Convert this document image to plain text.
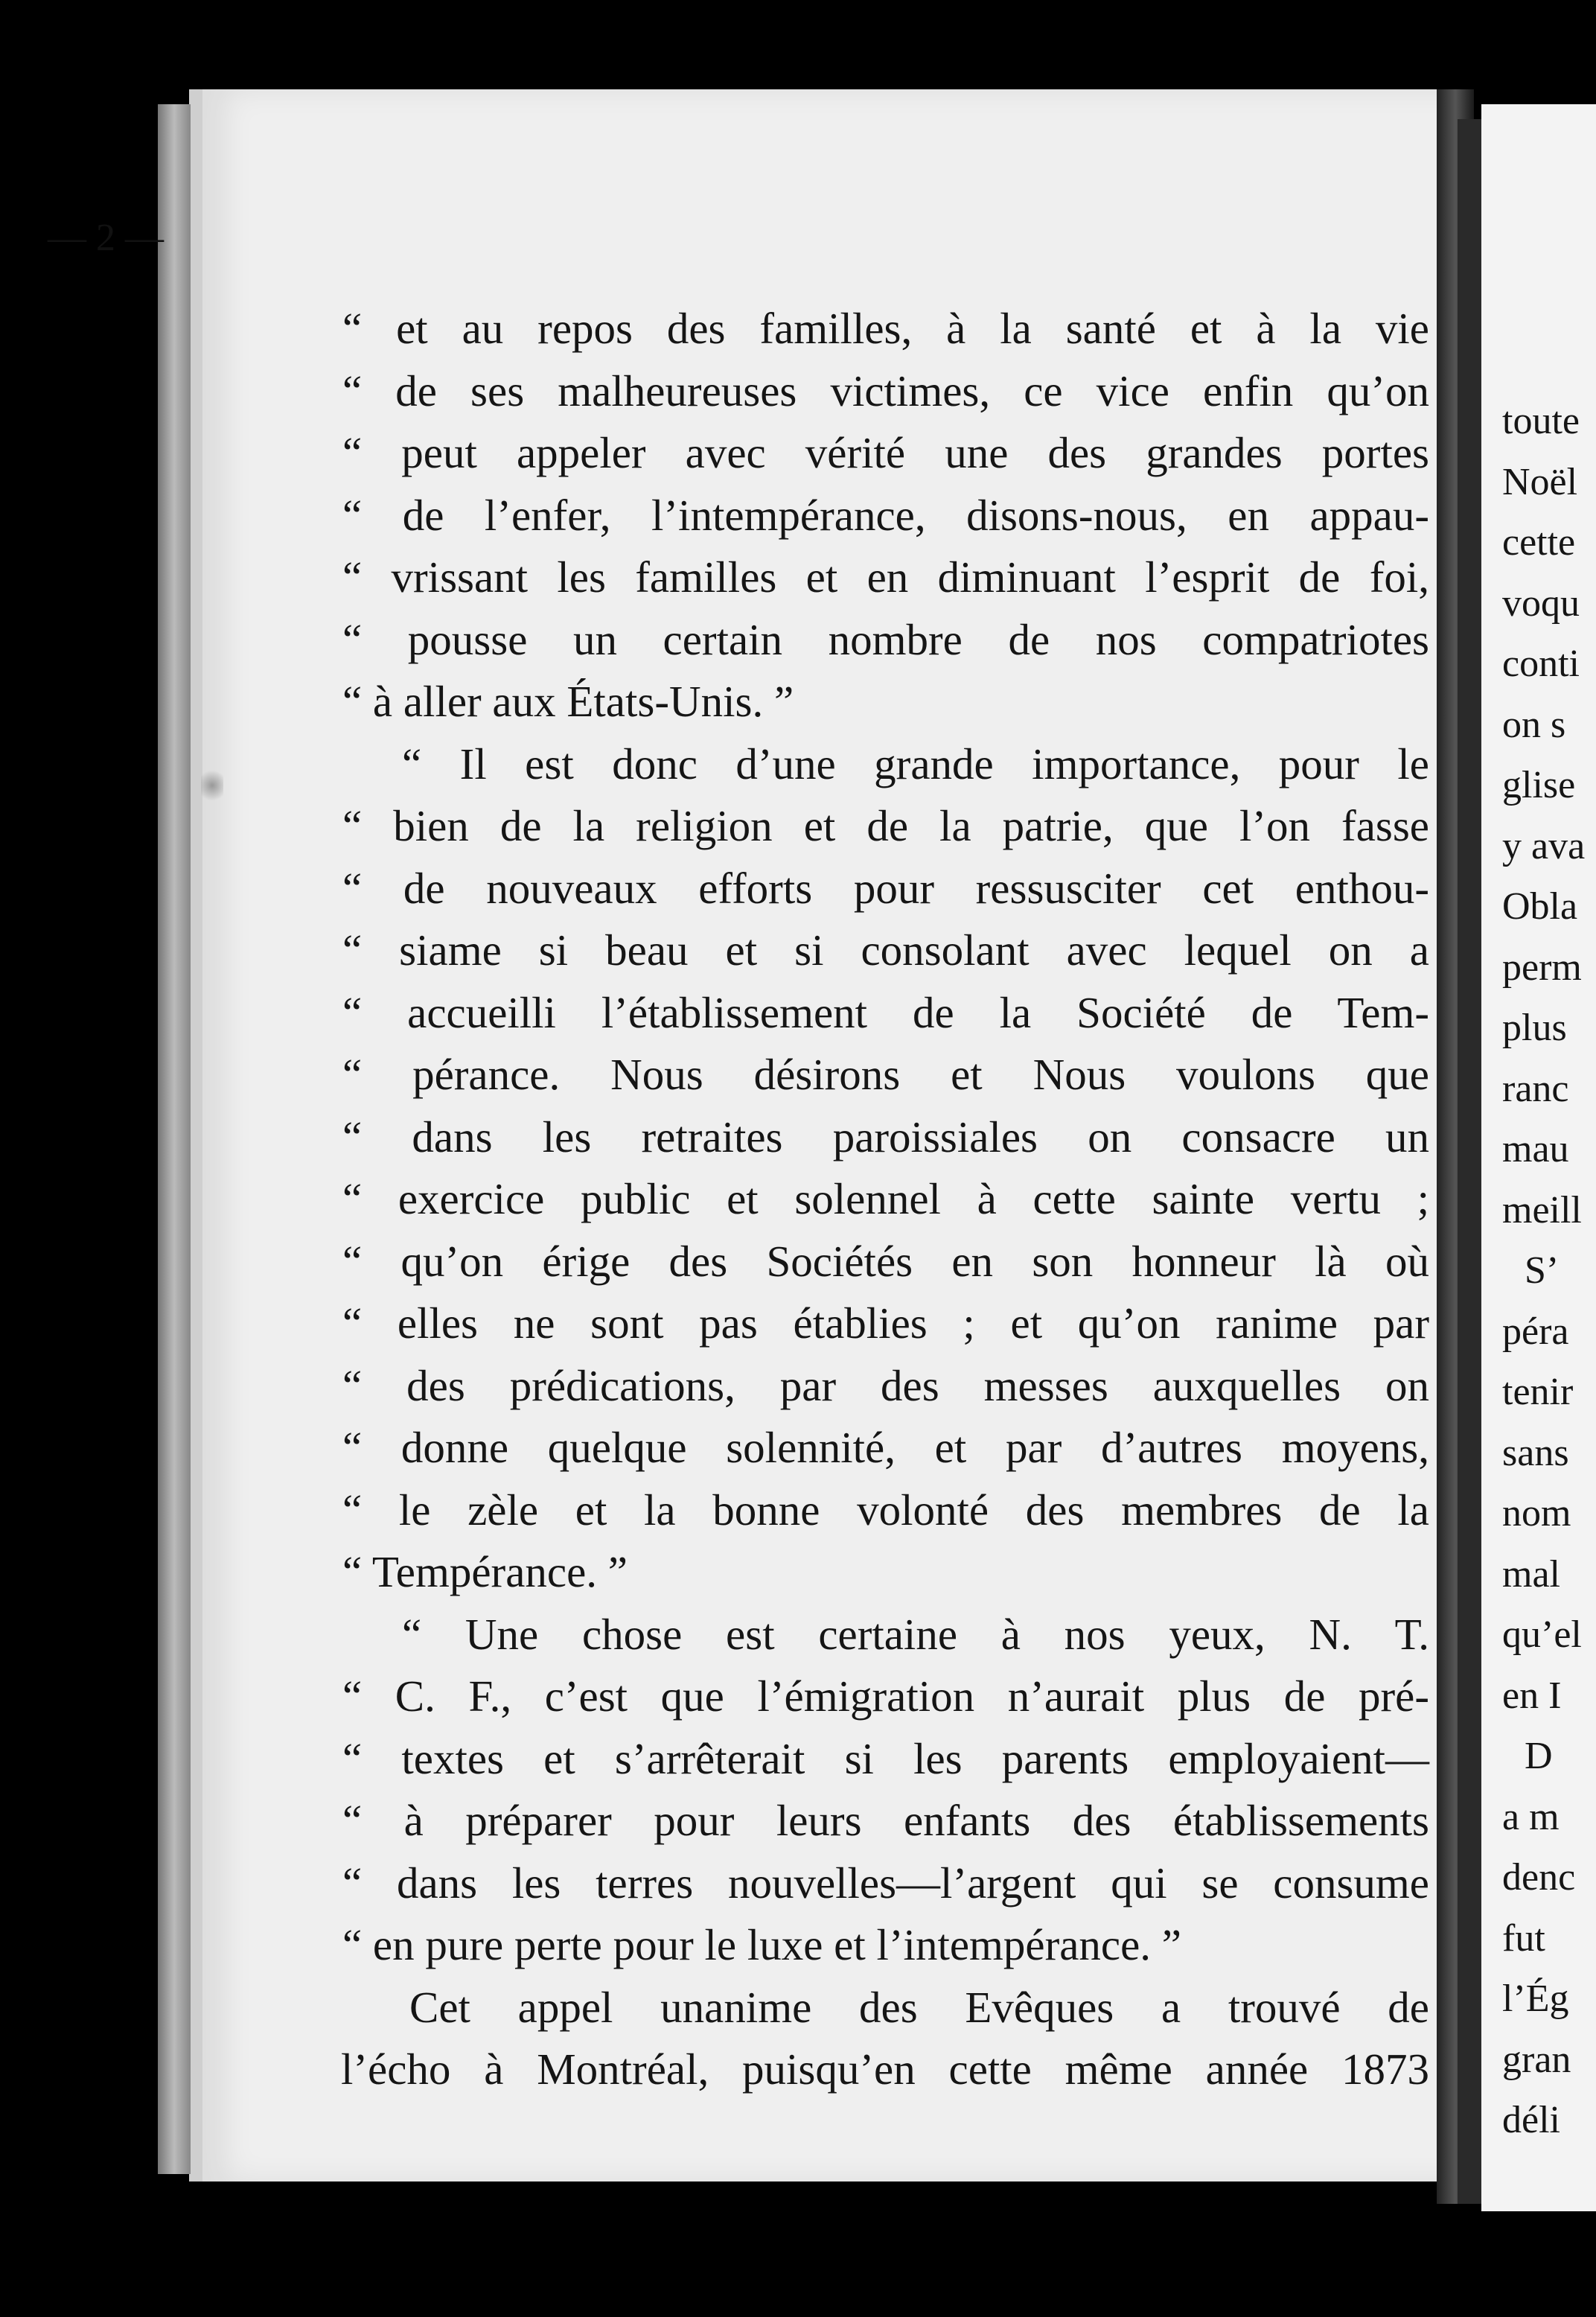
toute
Noël
cette
voqu
conti
on s
glise
y ava
Obla
perm
plus
ranc
mau
meill
S’
péra
tenir
sans
nom
mal
qu’el
en I
D
a m
denc
fut
l’Ég
gran
déli
— 2 —
“ et au repos des familles, à la santé et à la vie
“ de ses malheureuses victimes, ce vice enfin qu’on
“ peut appeler avec vérité une des grandes portes
“ de l’enfer, l’intempérance, disons-nous, en appau-
“ vrissant les familles et en diminuant l’esprit de foi,
“ pousse un certain nombre de nos compatriotes
“ à aller aux États-Unis. ”
“ Il est donc d’une grande importance, pour le
“ bien de la religion et de la patrie, que l’on fasse
“ de nouveaux efforts pour ressusciter cet enthou-
“ siame si beau et si consolant avec lequel on a
“ accueilli l’établissement de la Société de Tem-
“ pérance. Nous désirons et Nous voulons que
“ dans les retraites paroissiales on consacre un
“ exercice public et solennel à cette sainte vertu ;
“ qu’on érige des Sociétés en son honneur là où
“ elles ne sont pas établies ; et qu’on ranime par
“ des prédications, par des messes auxquelles on
“ donne quelque solennité, et par d’autres moyens,
“ le zèle et la bonne volonté des membres de la
“ Tempérance. ”
“ Une chose est certaine à nos yeux, N. T.
“ C. F., c’est que l’émigration n’aurait plus de pré-
“ textes et s’arrêterait si les parents employaient—
“ à préparer pour leurs enfants des établissements
“ dans les terres nouvelles—l’argent qui se consume
“ en pure perte pour le luxe et l’intempérance. ”
Cet appel unanime des Evêques a trouvé de
l’écho à Montréal, puisqu’en cette même année 1873
